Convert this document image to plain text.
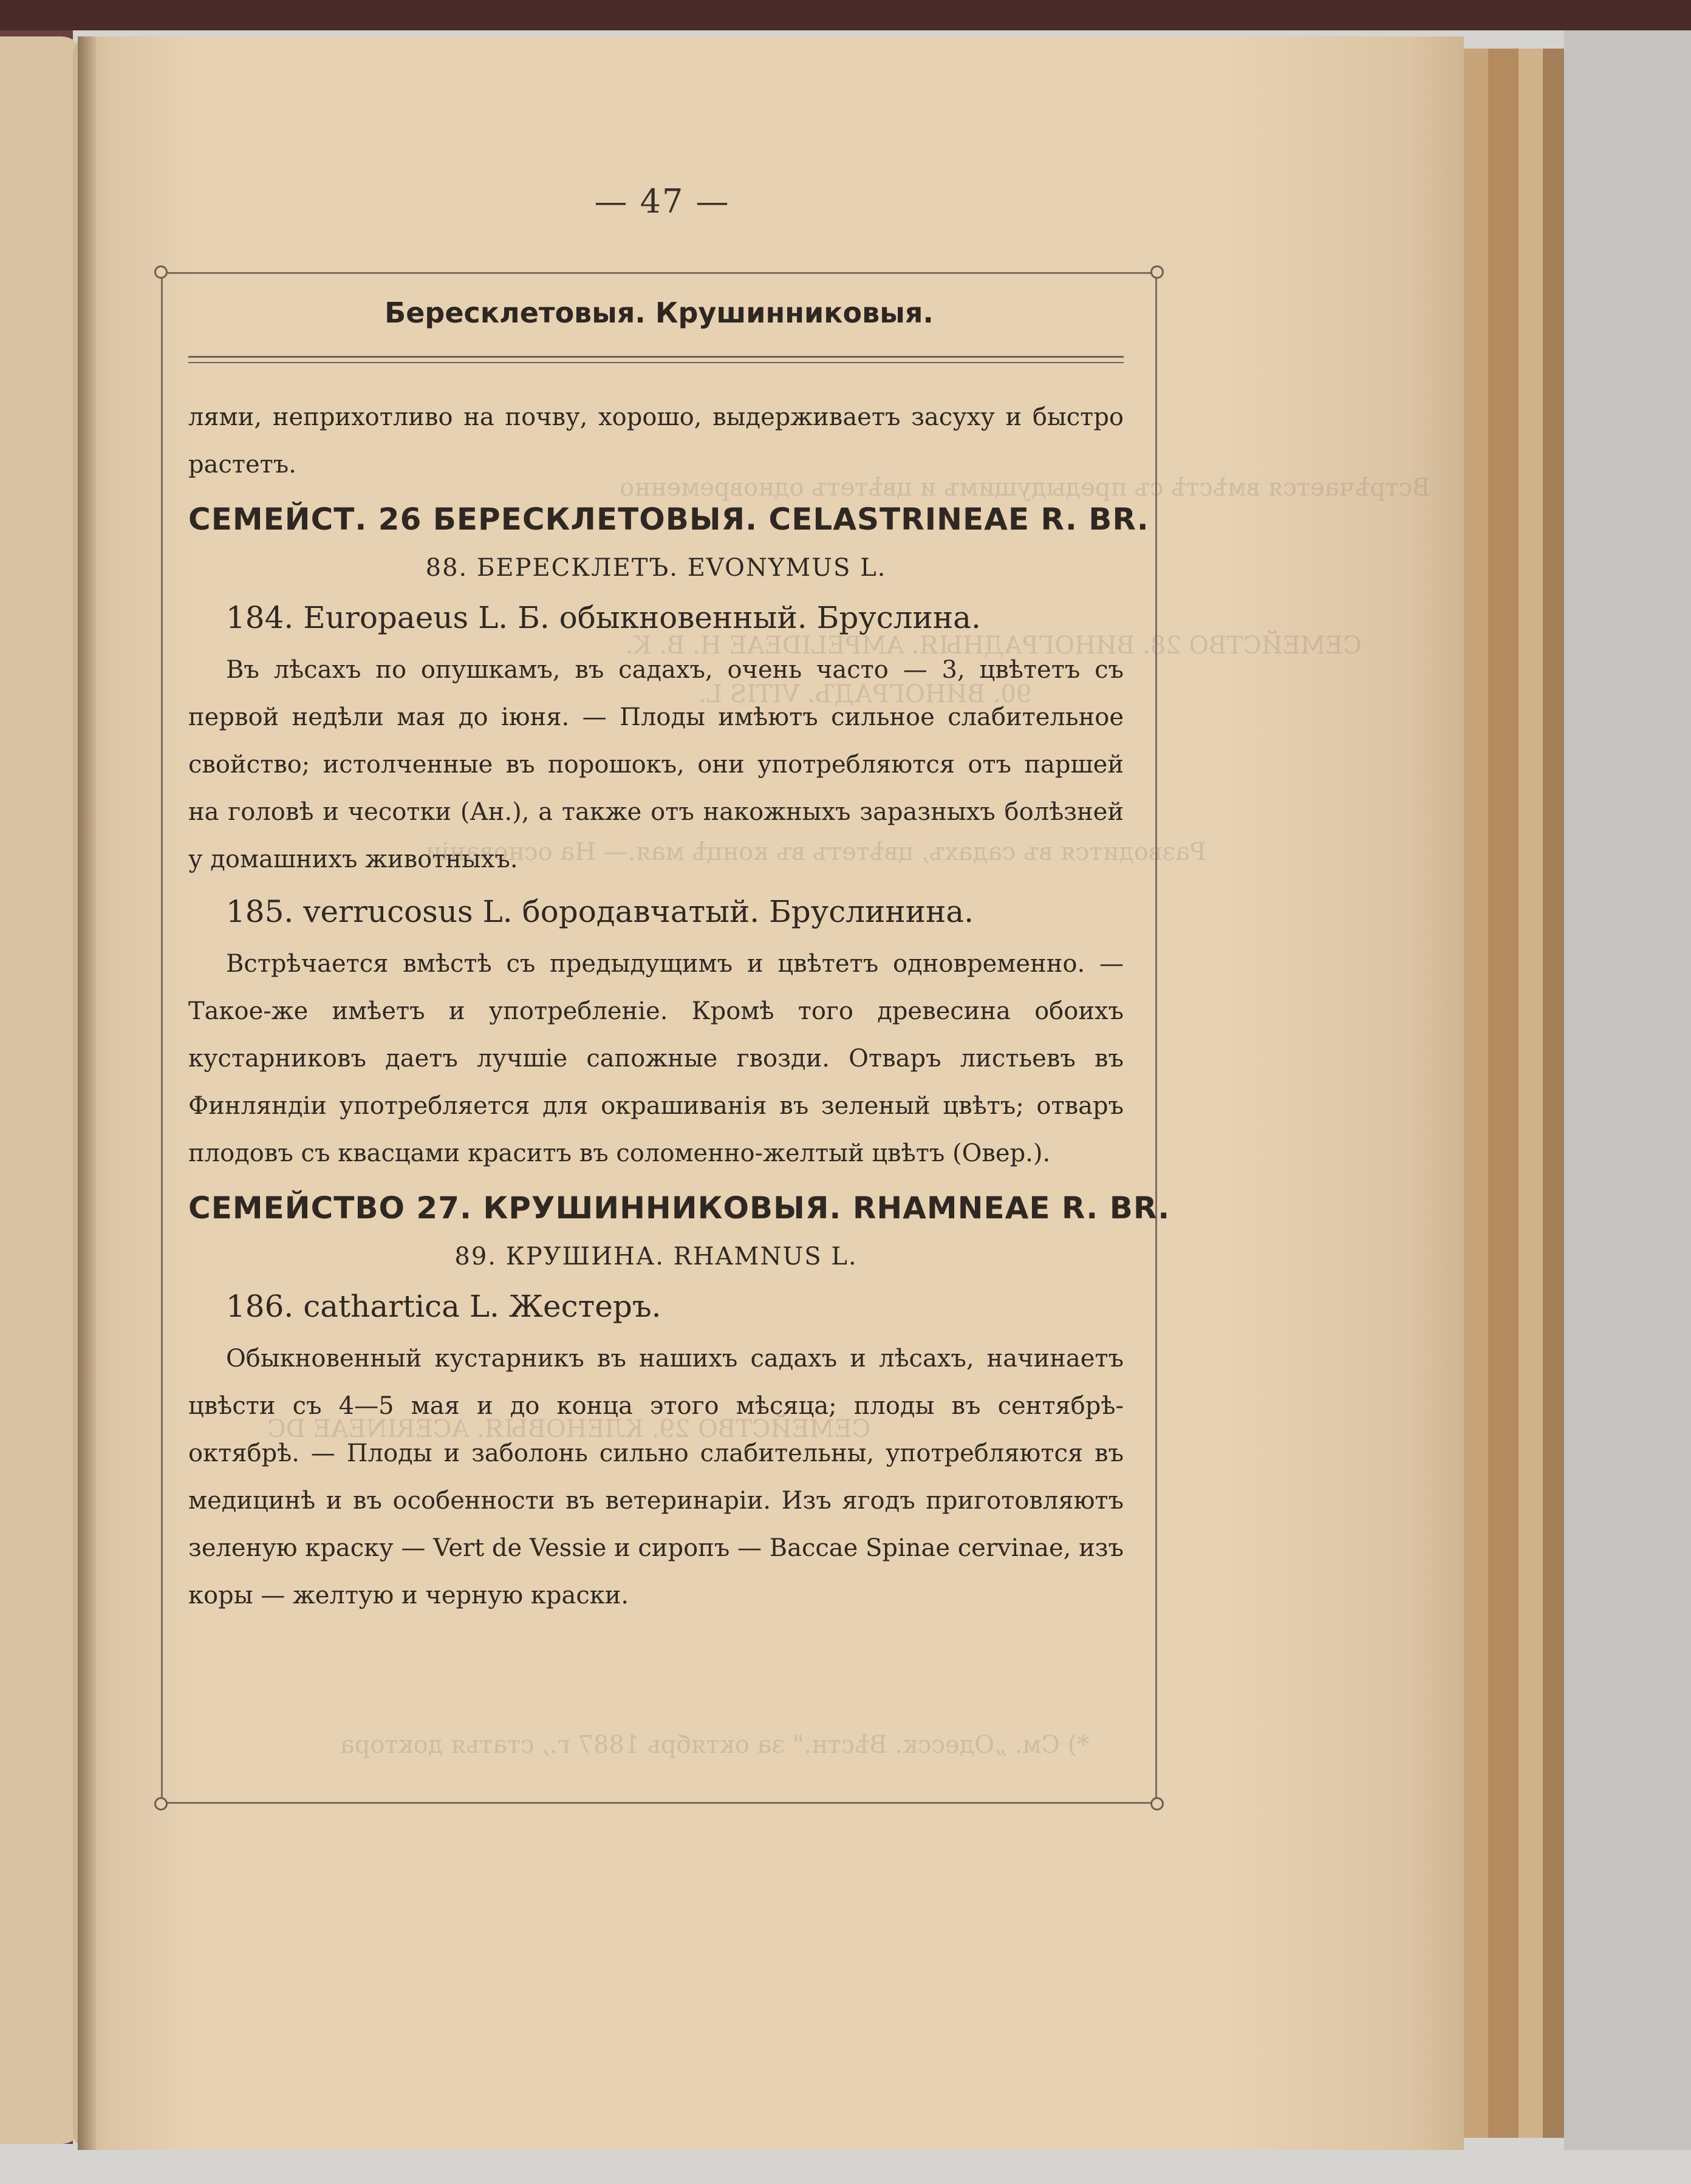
Встрѣчается вмѣстѣ съ предыдущимъ и цвѣтетъ одновременно
СЕМЕЙСТВО 28. ВИНОГРАДНЫЯ. AMPELIDEAE H. B. K.
90. ВИНОГРАДЪ. VITIS L.
Разводится въ садахъ, цвѣтетъ въ концѣ мая.— На основаніи
СЕМЕЙСТВО 29. КЛЕНОВЫЯ. ACERINEAE DC
*) См. „Одесск. Вѣстн." за октябрь 1887 г., статья доктора
— 47 —
Бересклетовыя. Крушинниковыя.

лями, неприхотливо на почву, хорошо, выдерживаетъ засуху и быстро растетъ.

СЕМЕЙСТ. 26 БЕРЕСКЛЕТОВЫЯ. CELASTRINEAE R. BR.

88. БЕРЕСКЛЕТЪ. EVONYMUS L.

184. Europaeus L. Б. обыкновенный. Бруслина.

Въ лѣсахъ по опушкамъ, въ садахъ, очень часто — 3, цвѣтетъ съ первой недѣли мая до іюня. — Плоды имѣютъ сильное слабительное свойство; истолченные въ порошокъ, они употребляются отъ паршей на головѣ и чесотки (Ан.), а также отъ накожныхъ заразныхъ болѣзней у домашнихъ животныхъ.

185. verrucosus L. бородавчатый. Бруслинина.

Встрѣчается вмѣстѣ съ предыдущимъ и цвѣтетъ одновременно. — Такое-же имѣетъ и употребленіе. Кромѣ того древесина обоихъ кустарниковъ даетъ лучшіе сапожные гвозди. Отваръ листьевъ въ Финляндіи употребляется для окрашиванія въ зеленый цвѣтъ; отваръ плодовъ съ квасцами краситъ въ соломенно-желтый цвѣтъ (Овер.).

СЕМЕЙСТВО 27. КРУШИННИКОВЫЯ. RHAMNEAE R. BR.

89. КРУШИНА. RHAMNUS L.

186. cathartica L. Жестеръ.

Обыкновенный кустарникъ въ нашихъ садахъ и лѣсахъ, начинаетъ цвѣсти съ 4—5 мая и до конца этого мѣсяца; плоды въ сентябрѣ-октябрѣ. — Плоды и заболонь сильно слабительны, употребляются въ медицинѣ и въ особенности въ ветеринаріи. Изъ ягодъ приготовляютъ зеленую краску — Vert de Vessie и сиропъ — Baccae Spinae cervinae, изъ коры — желтую и черную краски.
